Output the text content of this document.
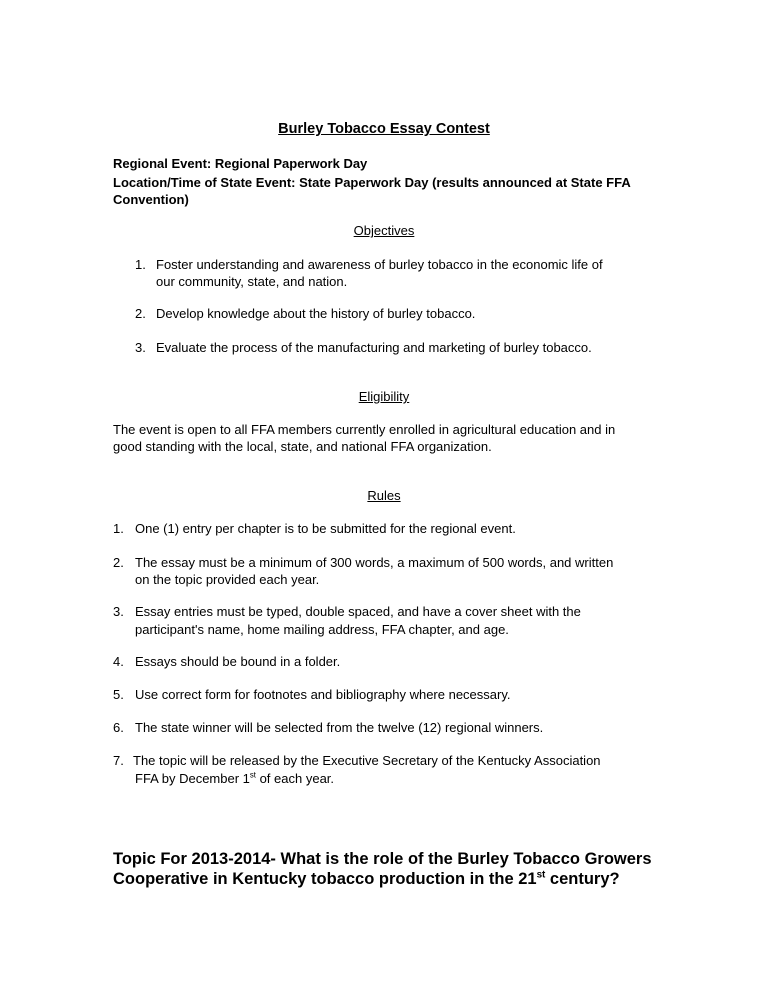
Burley Tobacco Essay Contest
Regional Event: Regional Paperwork Day
Location/Time of State Event: State Paperwork Day (results announced at State FFA
Convention)
Objectives
1. Foster understanding and awareness of burley tobacco in the economic life of
our community, state, and nation.
2. Develop knowledge about the history of burley tobacco.
3. Evaluate the process of the manufacturing and marketing of burley tobacco.
Eligibility
The event is open to all FFA members currently enrolled in agricultural education and in
good standing with the local, state, and national FFA organization.
Rules
1. One (1) entry per chapter is to be submitted for the regional event.
2. The essay must be a minimum of 300 words, a maximum of 500 words, and written
on the topic provided each year.
3. Essay entries must be typed, double spaced, and have a cover sheet with the
participant's name, home mailing address, FFA chapter, and age.
4. Essays should be bound in a folder.
5. Use correct form for footnotes and bibliography where necessary.
6. The state winner will be selected from the twelve (12) regional winners.
7. The topic will be released by the Executive Secretary of the Kentucky Association
FFA by December 1st of each year.
Topic For 2013-2014- What is the role of the Burley Tobacco Growers
Cooperative in Kentucky tobacco production in the 21st century?
